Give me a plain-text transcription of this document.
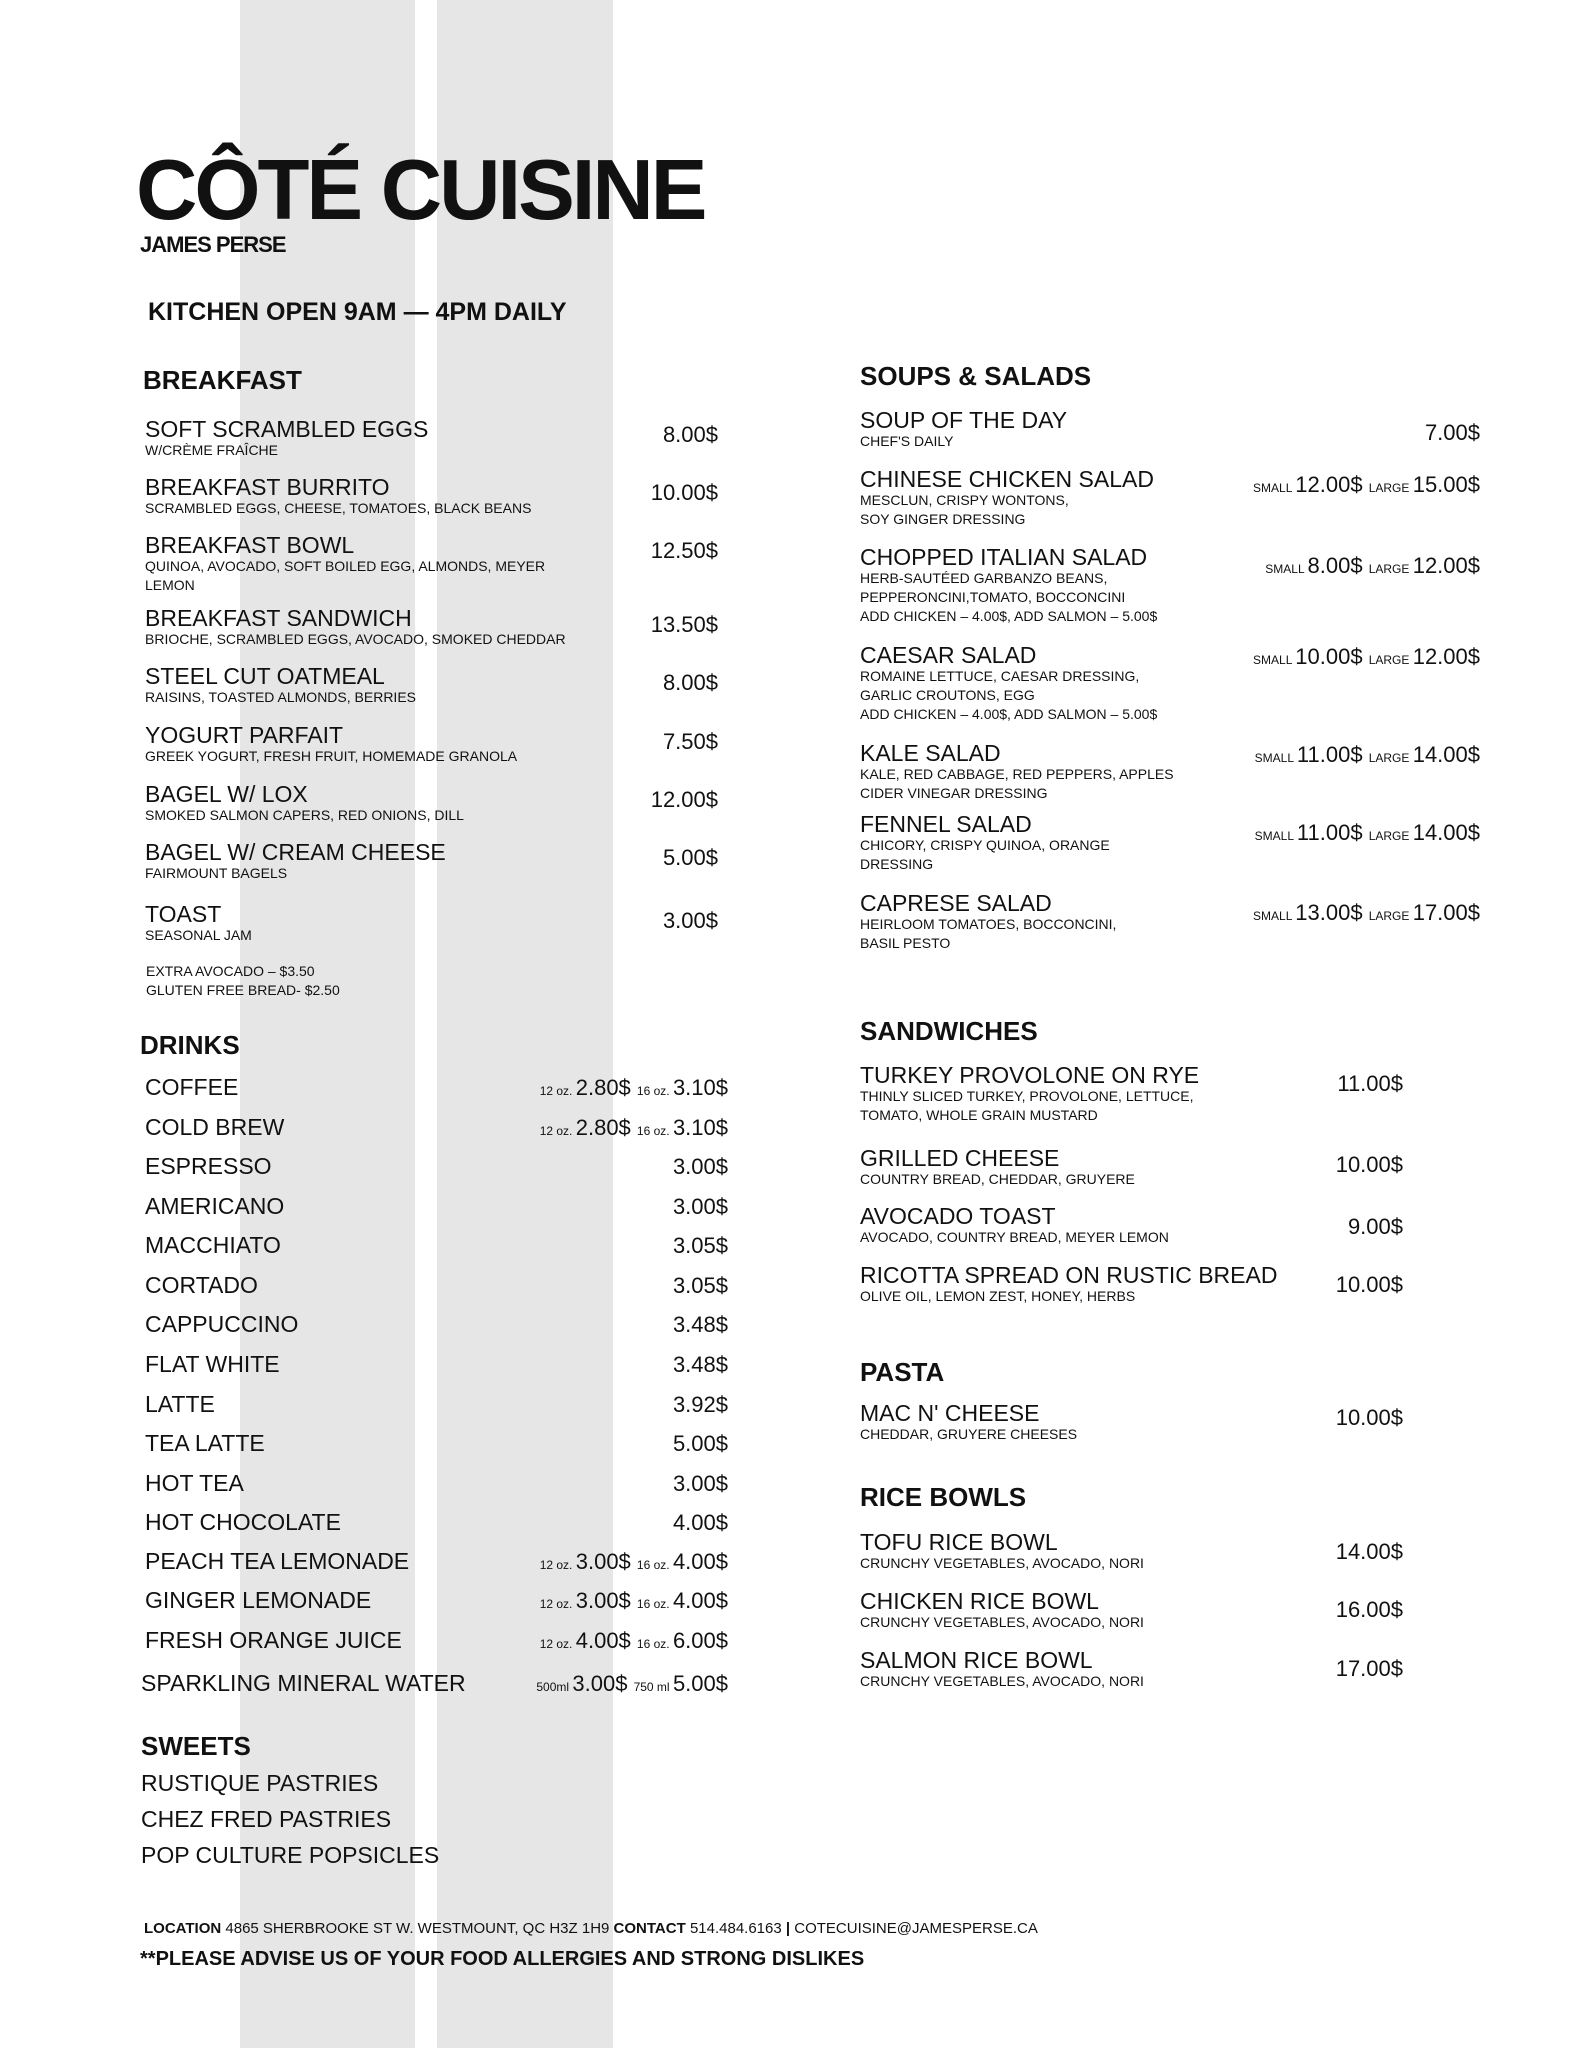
CÔTÉ CUISINE
JAMES PERSE
KITCHEN OPEN 9AM — 4PM DAILY
BREAKFAST
SOFT SCRAMBLED EGGS
W/CRÈME FRAÎCHE
8.00$
BREAKFAST BURRITO
SCRAMBLED EGGS, CHEESE, TOMATOES, BLACK BEANS
10.00$
BREAKFAST BOWL
QUINOA, AVOCADO, SOFT BOILED EGG, ALMONDS, MEYER
LEMON
12.50$
BREAKFAST SANDWICH
BRIOCHE, SCRAMBLED EGGS, AVOCADO, SMOKED CHEDDAR
13.50$
STEEL CUT OATMEAL
RAISINS, TOASTED ALMONDS, BERRIES
8.00$
YOGURT PARFAIT
GREEK YOGURT, FRESH FRUIT, HOMEMADE GRANOLA
7.50$
BAGEL W/ LOX
SMOKED SALMON CAPERS, RED ONIONS, DILL
12.00$
BAGEL W/ CREAM CHEESE
FAIRMOUNT BAGELS
5.00$
TOAST
SEASONAL JAM
3.00$
EXTRA AVOCADO – $3.50
GLUTEN FREE BREAD- $2.50
DRINKS
COFFEE	12 oz. 2.80$ 16 oz. 3.10$
COLD BREW	12 oz. 2.80$ 16 oz. 3.10$
ESPRESSO	3.00$
AMERICANO	3.00$
MACCHIATO	3.05$
CORTADO	3.05$
CAPPUCCINO	3.48$
FLAT WHITE	3.48$
LATTE	3.92$
TEA LATTE	5.00$
HOT TEA	3.00$
HOT CHOCOLATE	4.00$
PEACH TEA LEMONADE	12 oz. 3.00$ 16 oz. 4.00$
GINGER LEMONADE	12 oz. 3.00$ 16 oz. 4.00$
FRESH ORANGE JUICE	12 oz. 4.00$ 16 oz. 6.00$
SPARKLING MINERAL WATER	500ml 3.00$ 750 ml 5.00$
SWEETS
RUSTIQUE PASTRIES
CHEZ FRED PASTRIES
POP CULTURE POPSICLES
SOUPS & SALADS
SOUP OF THE DAY
CHEF'S DAILY	7.00$
CHINESE CHICKEN SALAD
MESCLUN, CRISPY WONTONS,
SOY GINGER DRESSING
SMALL 12.00$ LARGE 15.00$
CHOPPED ITALIAN SALAD
HERB-SAUTÉED GARBANZO BEANS,
PEPPERONCINI,TOMATO, BOCCONCINI
ADD CHICKEN – 4.00$, ADD SALMON – 5.00$
SMALL 8.00$ LARGE 12.00$
CAESAR SALAD
ROMAINE LETTUCE, CAESAR DRESSING,
GARLIC CROUTONS, EGG
ADD CHICKEN – 4.00$, ADD SALMON – 5.00$
SMALL 10.00$ LARGE 12.00$
KALE SALAD
KALE, RED CABBAGE, RED PEPPERS, APPLES
CIDER VINEGAR DRESSING
SMALL 11.00$ LARGE 14.00$
FENNEL SALAD
CHICORY, CRISPY QUINOA, ORANGE
DRESSING
SMALL 11.00$ LARGE 14.00$
CAPRESE SALAD
HEIRLOOM TOMATOES, BOCCONCINI,
BASIL PESTO
SMALL 13.00$ LARGE 17.00$
SANDWICHES
TURKEY PROVOLONE ON RYE
THINLY SLICED TURKEY, PROVOLONE, LETTUCE,
TOMATO, WHOLE GRAIN MUSTARD
11.00$
GRILLED CHEESE
COUNTRY BREAD, CHEDDAR, GRUYERE
10.00$
AVOCADO TOAST
AVOCADO, COUNTRY BREAD, MEYER LEMON	9.00$
RICOTTA SPREAD ON RUSTIC BREAD
OLIVE OIL, LEMON ZEST, HONEY, HERBS	10.00$
PASTA
MAC N' CHEESE
CHEDDAR, GRUYERE CHEESES
10.00$
RICE BOWLS
TOFU RICE BOWL
CRUNCHY VEGETABLES, AVOCADO, NORI	14.00$
CHICKEN RICE BOWL
CRUNCHY VEGETABLES, AVOCADO, NORI
16.00$
SALMON RICE BOWL
CRUNCHY VEGETABLES, AVOCADO, NORI
17.00$
LOCATION 4865 SHERBROOKE ST W. WESTMOUNT, QC H3Z 1H9 CONTACT 514.484.6163 | COTECUISINE@JAMESPERSE.CA
**PLEASE ADVISE US OF YOUR FOOD ALLERGIES AND STRONG DISLIKES
